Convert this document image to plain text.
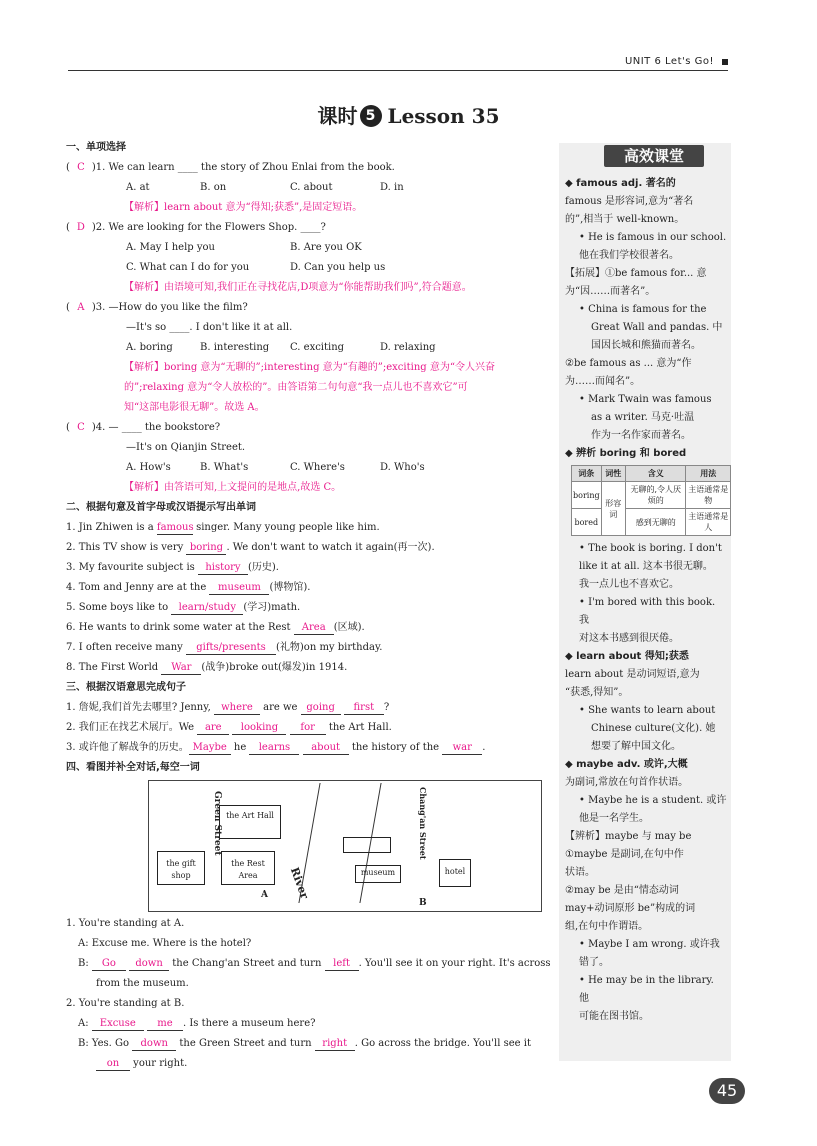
UNIT 6 Let's Go!
课时 5 Lesson 35
一、单项选择
( C )1. We can learn ____ the story of Zhou Enlai from the book.
A. at	B. on	C. about	D. in
【解析】learn about 意为“得知;获悉”,是固定短语。
( D )2. We are looking for the Flowers Shop. ____?
A. May I help you	B. Are you OK
C. What can I do for you	D. Can you help us
【解析】由语境可知,我们正在寻找花店,D项意为“你能帮助我们吗”,符合题意。
( A )3. —How do you like the film?
—It's so ____. I don't like it at all.
A. boring	B. interesting C. exciting	D. relaxing
【解析】boring 意为“无聊的”;interesting 意为“有趣的”;exciting 意为“令人兴奋
的”;relaxing 意为“令人放松的”。由答语第二句句意“我一点儿也不喜欢它”可
知“这部电影很无聊”。故选 A。
( C )4. — ____ the bookstore?
—It's on Qianjin Street.
A. How's	B. What's	C. Where's	D. Who's
【解析】由答语可知,上文提问的是地点,故选 C。
二、根据句意及首字母或汉语提示写出单词
1. Jin Zhiwen is a famous singer. Many young people like him.
2. This TV show is very boring . We don't want to watch it again(再一次).
3. My favourite subject is history (历史).
4. Tom and Jenny are at the museum (博物馆).
5. Some boys like to learn/study (学习)math.
6. He wants to drink some water at the Rest Area (区域).
7. I often receive many gifts/presents (礼物)on my birthday.
8. The First World War (战争)broke out(爆发)in 1914.
三、根据汉语意思完成句子
1. 詹妮,我们首先去哪里? Jenny, where are we going first ?
2. 我们正在找艺术展厅。We are looking for the Art Hall.
3. 或许他了解战争的历史。 Maybe he learns about the history of the war .
四、看图并补全对话,每空一词
the Art Hall
the gift shop
the Rest Area
Green Street
River	museum
Chang'an Street
hotel
A
B
1. You're standing at A.
A: Excuse me. Where is the hotel?
B: Go down the Chang'an Street and turn left . You'll see it on your right. It's across
from the museum.
2. You're standing at B.
A: Excuse me . Is there a museum here?
B: Yes. Go down the Green Street and turn right . Go across the bridge. You'll see it
on your right.
高效课堂
◆ famous adj. 著名的
famous 是形容词,意为“著名
的”,相当于 well-known。
• He is famous in our school.
他在我们学校很著名。
【拓展】①be famous for... 意
为“因……而著名”。
• China is famous for the
Great Wall and pandas. 中
国因长城和熊猫而著名。
②be famous as ... 意为“作
为……而闻名”。
• Mark Twain was famous
as a writer. 马克·吐温
作为一名作家而著名。
◆ 辨析 boring 和 bored
词条	词性	含义	用法
boring	形容词	无聊的,令人厌烦的	主语通常是物
bored		感到无聊的	主语通常是人
• The book is boring. I don't
like it at all. 这本书很无聊。
我一点儿也不喜欢它。
• I'm bored with this book. 我
对这本书感到很厌倦。
◆ learn about 得知;获悉
learn about 是动词短语,意为
“获悉,得知”。
• She wants to learn about
Chinese culture(文化). 她
想要了解中国文化。
◆ maybe adv. 或许,大概
为副词,常放在句首作状语。
• Maybe he is a student. 或许
他是一名学生。
【辨析】maybe 与 may be
①maybe 是副词,在句中作
状语。
②may be 是由“情态动词
may+动词原形 be”构成的词
组,在句中作谓语。
• Maybe I am wrong. 或许我
错了。
• He may be in the library. 他
可能在图书馆。
45
